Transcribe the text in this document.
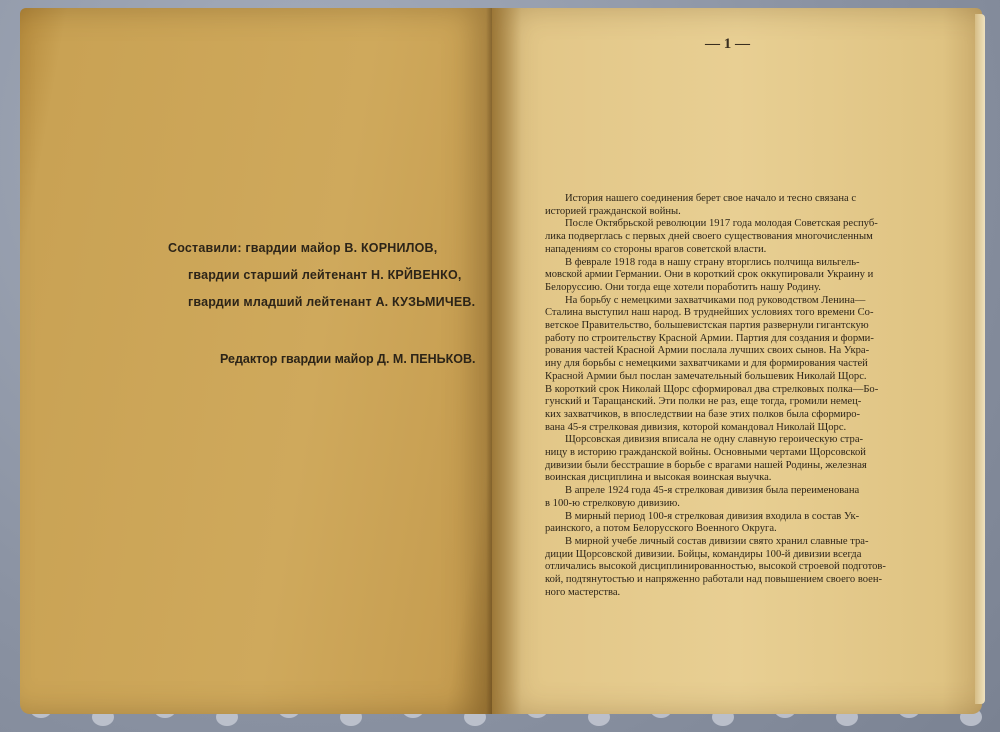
Составили: гвардии майор В. КОРНИЛОВ,
гвардии старший лейтенант Н. КРЙВЕНКО,
гвардии младший лейтенант А. КУЗЬМИЧЕВ.
Редактор гвардии майор Д. М. ПЕНЬКОВ.
— 1 —
История нашего соединения берет свое начало и тесно связана с
историей гражданской войны.
После Октябрьской революции 1917 года молодая Советская респуб-
лика подверглась с первых дней своего существования многочисленным
нападениям со стороны врагов советской власти.
В феврале 1918 года в нашу страну вторглись полчища вильгель-
мовской армии Германии. Они в короткий срок оккупировали Украину и
Белоруссию. Они тогда еще хотели поработить нашу Родину.
На борьбу с немецкими захватчиками под руководством Ленина—
Сталина выступил наш народ. В труднейших условиях того времени Со-
ветское Правительство, большевистская партия развернули гигантскую
работу по строительству Красной Армии. Партия для создания и форми-
рования частей Красной Армии послала лучших своих сынов. На Укра-
ину для борьбы с немецкими захватчиками и для формирования частей
Красной Армии был послан замечательный большевик Николай Щорс.
В короткий срок Николай Щорс сформировал два стрелковых полка—Бо-
гунский и Таращанский. Эти полки не раз, еще тогда, громили немец-
ких захватчиков, в впоследствии на базе этих полков была сформиро-
вана 45-я стрелковая дивизия, которой командовал Николай Щорс.
Щорсовская дивизия вписала не одну славную героическую стра-
ницу в историю гражданской войны. Основными чертами Щорсовской
дивизии были бесстрашие в борьбе с врагами нашей Родины, железная
воинская дисциплина и высокая воинская выучка.
В апреле 1924 года 45-я стрелковая дивизия была переименована
в 100-ю стрелковую дивизию.
В мирный период 100-я стрелковая дивизия входила в состав Ук-
раинского, а потом Белорусского Военного Округа.
В мирной учебе личный состав дивизии свято хранил славные тра-
диции Щорсовской дивизии. Бойцы, командиры 100-й дивизии всегда
отличались высокой дисциплинированностью, высокой строевой подготов-
кой, подтянутостью и напряженно работали над повышением своего воен-
ного мастерства.
